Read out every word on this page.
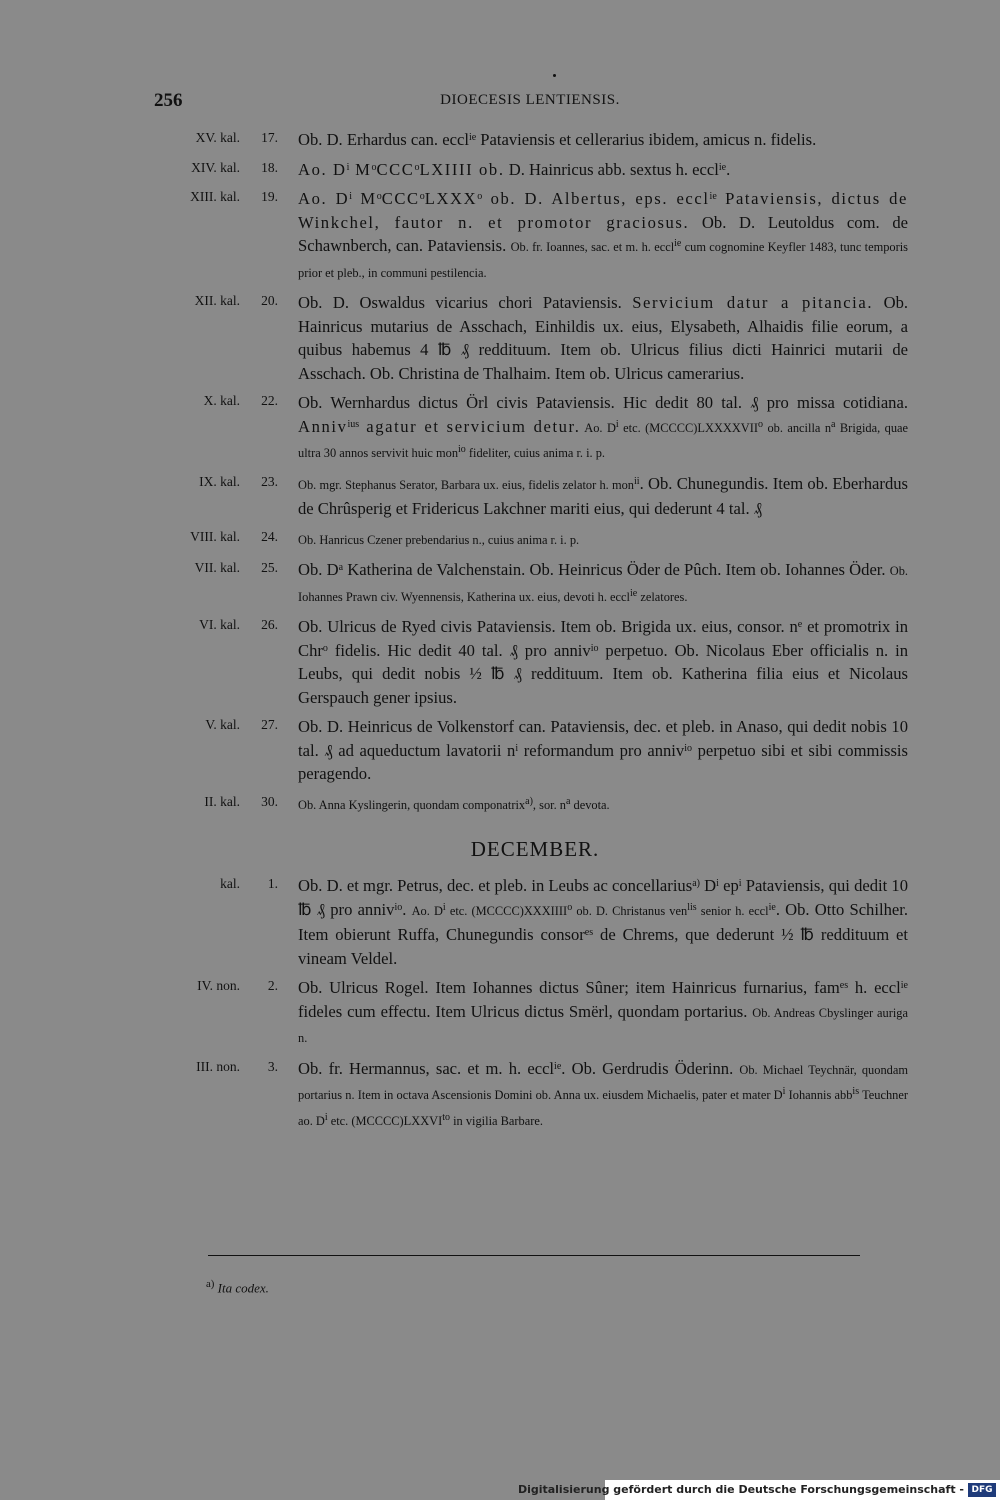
256	DIOECESIS LENTIENSIS.
XV. kal.	17. Ob. D. Erhardus can. eccl$^{ie}$ Pataviensis et cellerarius ibidem, amicus n. fidelis.
XIV. kal.	18. Ao. $D^i$ $M^oCCC^oLXIIII$ ob. D. Hainricus abb. sextus h. eccl$^{ie}$.
XIII. kal.	19. Ao. $D^i$ $M^oCCC^oLXXX^o$ ob. D. Albertus, eps. eccl$^{ie}$ Pataviensis, dictus de Winkchel, fautor n. et promotor graciosus. Ob. D. Leutoldus com. de Schawnberch, can. Pataviensis. Ob. fr. Ioannes, sac. et m. h. eccl$^{ie}$ cum cognomine Keyfler 1483, tunc temporis prior et pleb., in communi pestilencia.
XII. kal.	20. Ob. D. Oswaldus vicarius chori Pataviensis. Servicium datur a pitancia. Ob. Hainricus mutarius de Asschach, Einhildis ux. eius, Elysabeth, Alhaidis filie eorum, a quibus habemus 4 ℔ ₰ reddituum. Item ob. Ulricus filius dicti Hainrici mutarii de Asschach. Ob. Christina de Thalhaim. Item ob. Ulricus camerarius.
X. kal.	22. Ob. Wernhardus dictus Örl civis Pataviensis. Hic dedit 80 tal. ₰ pro missa cotidiana. Anniv$^{ius}$ agatur et servicium detur. Ao. $D^i$ etc. (MCCCC)LXXXXVII$^o$ ob. ancilla $n^a$ Brigida, quae ultra 30 annos servivit huic mon$^{io}$ fideliter, cuius anima r. i. p.
IX. kal.	23. Ob. mgr. Stephanus Serator, Barbara ux. eius, fidelis zelator h. mon$^{ii}$. Ob. Chunegundis. Item ob. Eberhardus de Chrûsperig et Fridericus Lakchner mariti eius, qui dederunt 4 tal. ₰
VIII. kal.	24. Ob. Hanricus Czener prebendarius n., cuius anima r. i. p.
VII. kal.	25. Ob. $D^a$ Katherina de Valchenstain. Ob. Heinricus Öder de Pûch. Item ob. Iohannes Öder. Ob. Iohannes Prawn civ. Wyennensis, Katherina ux. eius, devoti h. eccl$^{ie}$ zelatores.
VI. kal.	26. Ob. Ulricus de Ryed civis Pataviensis. Item ob. Brigida ux. eius, consor. $n^e$ et promotrix in Chr$^o$ fidelis. Hic dedit 40 tal. ₰ pro anniv$^{io}$ perpetuo. Ob. Nicolaus Eber officialis n. in Leubs, qui dedit nobis ½ ℔ ₰ reddituum. Item ob. Katherina filia eius et Nicolaus Gerspauch gener ipsius.
V. kal.	27. Ob. D. Heinricus de Volkenstorf can. Pataviensis, dec. et pleb. in Anaso, qui dedit nobis 10 tal. ₰ ad aqueductum lavatorii $n^i$ reformandum pro anniv$^{io}$ perpetuo sibi et sibi commissis peragendo.
II. kal.	30. Ob. Anna Kyslingerin, quondam componatrix$^{a)}$, sor. $n^a$ devota.
DECEMBER.
kal.	1. Ob. D. et mgr. Petrus, dec. et pleb. in Leubs ac concellarius$^{a)}$ $D^i$ $ep^i$ Pataviensis, qui dedit 10 ℔ ₰ pro anniv$^{io}$. Ao. $D^i$ etc. (MCCCC)XXXIIII$^o$ ob. D. Christanus ven$^{lis}$ senior h. eccl$^{ie}$. Ob. Otto Schilher. Item obierunt Ruffa, Chunegundis consor$^{es}$ de Chrems, que dederunt ½ ℔ reddituum et vineam Veldel.
IV. non.	2. Ob. Ulricus Rogel. Item Iohannes dictus Sûner; item Hainricus furnarius, fam$^{es}$ h. eccl$^{ie}$ fideles cum effectu. Item Ulricus dictus Smërl, quondam portarius. Ob. Andreas Cbyslinger auriga n.
III. non.	3. Ob. fr. Hermannus, sac. et m. h. eccl$^{ie}$. Ob. Gerdrudis Öderinn. Ob. Michael Teychnär, quondam portarius n. Item in octava Ascensionis Domini ob. Anna ux. eiusdem Michaelis, pater et mater $D^i$ Iohannis abb$^{is}$ Teuchner ao. $D^i$ etc. $(MCCCC)LXXVI^{to}$ in vigilia Barbare.
$^{a)}$ Ita codex.
Digitalisierung gefördert durch die Deutsche Forschungsgemeinschaft - DFG
